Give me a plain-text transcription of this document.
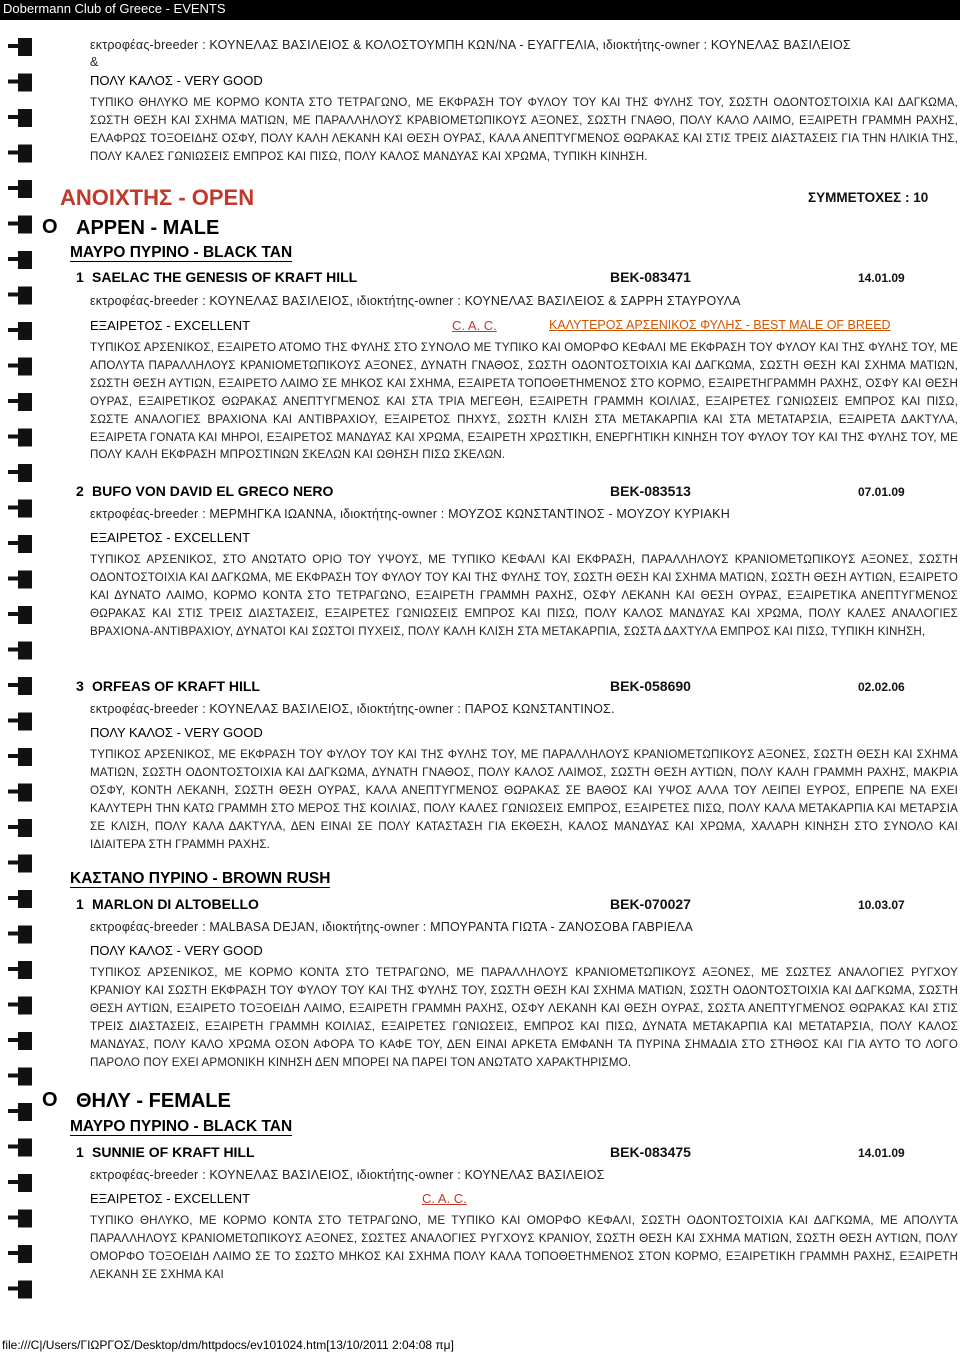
Dobermann Club of Greece - EVENTS
εκτροφέας-breeder : ΚΟΥΝΕΛΑΣ ΒΑΣΙΛΕΙΟΣ & ΚΟΛΟΣΤΟΥΜΠΗ ΚΩΝ/ΝΑ - ΕΥΑΓΓΕΛΙΑ, ιδιοκτήτης-owner : ΚΟΥΝΕΛΑΣ ΒΑΣΙΛΕΙΟΣ
&
ΠΟΛΥ ΚΑΛΟΣ - VERY GOOD
ΤΥΠΙΚΟ ΘΗΛΥΚΟ ΜΕ ΚΟΡΜΟ ΚΟΝΤΑ ΣΤΟ ΤΕΤΡΑΓΩΝΟ, ΜΕ ΕΚΦΡΑΣΗ ΤΟΥ ΦΥΛΟΥ ΤΟΥ ΚΑΙ ΤΗΣ ΦΥΛΗΣ ΤΟΥ, ΣΩΣΤΗ ΟΔΟΝΤΟΣΤΟΙΧΙΑ ΚΑΙ ΔΑΓΚΩΜΑ, ΣΩΣΤΗ ΘΕΣΗ ΚΑΙ ΣΧΗΜΑ ΜΑΤΙΩΝ, ΜΕ ΠΑΡΑΛΛΗΛΟΥΣ ΚΡΑΒΙΟΜΕΤΩΠΙΚΟΥΣ ΑΞΟΝΕΣ, ΣΩΣΤΗ ΓΝΑΘΟ, ΠΟΛΥ ΚΑΛΟ ΛΑΙΜΟ, ΕΞΑΙΡΕΤΗ ΓΡΑΜΜΗ ΡΑΧΗΣ, ΕΛΑΦΡΩΣ ΤΟΞΟΕΙΔΗΣ ΟΣΦΥ, ΠΟΛΥ ΚΑΛΗ ΛΕΚΑΝΗ ΚΑΙ ΘΕΣΗ ΟΥΡΑΣ, ΚΑΛΑ ΑΝΕΠΤΥΓΜΕΝΟΣ ΘΩΡΑΚΑΣ ΚΑΙ ΣΤΙΣ ΤΡΕΙΣ ΔΙΑΣΤΑΣΕΙΣ ΓΙΑ ΤΗΝ ΗΛΙΚΙΑ ΤΗΣ, ΠΟΛΥ ΚΑΛΕΣ ΓΩΝΙΩΣΕΙΣ ΕΜΠΡΟΣ ΚΑΙ ΠΙΣΩ, ΠΟΛΥ ΚΑΛΟΣ ΜΑΝΔΥΑΣ ΚΑΙ ΧΡΩΜΑ, ΤΥΠΙΚΗ ΚΙΝΗΣΗ.
ΑΝΟΙΧΤΗΣ - OPEN	ΣΥΜΜΕΤΟΧΕΣ : 10
O ΑΡΡΕΝ - MALE
ΜΑΥΡΟ ΠΥΡΙΝΟ - BLACK TAN
1 SAELAC THE GENESIS OF KRAFT HILL	BEK-083471	14.01.09
εκτροφέας-breeder : ΚΟΥΝΕΛΑΣ ΒΑΣΙΛΕΙΟΣ, ιδιοκτήτης-owner : ΚΟΥΝΕΛΑΣ ΒΑΣΙΛΕΙΟΣ & ΣΑΡΡΗ ΣΤΑΥΡΟΥΛΑ
ΕΞΑΙΡΕΤΟΣ - EXCELLENT	C. A. C.	ΚΑΛΥΤΕΡΟΣ ΑΡΣΕΝΙΚΟΣ ΦΥΛΗΣ - BEST MALE OF BREED
ΤΥΠΙΚΟΣ ΑΡΣΕΝΙΚΟΣ, ΕΞΑΙΡΕΤΟ ΑΤΟΜΟ ΤΗΣ ΦΥΛΗΣ ΣΤΟ ΣΥΝΟΛΟ ΜΕ ΤΥΠΙΚΟ ΚΑΙ ΟΜΟΡΦΟ ΚΕΦΑΛΙ ΜΕ ΕΚΦΡΑΣΗ ΤΟΥ ΦΥΛΟΥ ΚΑΙ ΤΗΣ ΦΥΛΗΣ ΤΟΥ, ΜΕ ΑΠΟΛΥΤΑ ΠΑΡΑΛΛΗΛΟΥΣ ΚΡΑΝΙΟΜΕΤΩΠΙΚΟΥΣ ΑΞΟΝΕΣ, ΔΥΝΑΤΗ ΓΝΑΘΟΣ, ΣΩΣΤΗ ΟΔΟΝΤΟΣΤΟΙΧΙΑ ΚΑΙ ΔΑΓΚΩΜΑ, ΣΩΣΤΗ ΘΕΣΗ ΚΑΙ ΣΧΗΜΑ ΜΑΤΙΩΝ, ΣΩΣΤΗ ΘΕΣΗ ΑΥΤΙΩΝ, ΕΞΑΙΡΕΤΟ ΛΑΙΜΟ ΣΕ ΜΗΚΟΣ ΚΑΙ ΣΧΗΜΑ, ΕΞΑΙΡΕΤΑ ΤΟΠΟΘΕΤΗΜΕΝΟΣ ΣΤΟ ΚΟΡΜΟ, ΕΞΑΙΡΕΤΗΓΡΑΜΜΗ ΡΑΧΗΣ, ΟΣΦΥ ΚΑΙ ΘΕΣΗ ΟΥΡΑΣ, ΕΞΑΙΡΕΤΙΚΟΣ ΘΩΡΑΚΑΣ ΑΝΕΠΤΥΓΜΕΝΟΣ ΚΑΙ ΣΤΑ ΤΡΙΑ ΜΕΓΕΘΗ, ΕΞΑΙΡΕΤΗ ΓΡΑΜΜΗ ΚΟΙΛΙΑΣ, ΕΞΑΙΡΕΤΕΣ ΓΩΝΙΩΣΕΙΣ ΕΜΠΡΟΣ ΚΑΙ ΠΙΣΩ, ΣΩΣΤΕ ΑΝΑΛΟΓΙΕΣ ΒΡΑΧΙΟΝΑ ΚΑΙ ΑΝΤΙΒΡΑΧΙΟΥ, ΕΞΑΙΡΕΤΟΣ ΠΗΧΥΣ, ΣΩΣΤΗ ΚΛΙΣΗ ΣΤΑ ΜΕΤΑΚΑΡΠΙΑ ΚΑΙ ΣΤΑ ΜΕΤΑΤΑΡΣΙΑ, ΕΞΑΙΡΕΤΑ ΔΑΚΤΥΛΑ, ΕΞΑΙΡΕΤΑ ΓΟΝΑΤΑ ΚΑΙ ΜΗΡΟΙ, ΕΞΑΙΡΕΤΟΣ ΜΑΝΔΥΑΣ ΚΑΙ ΧΡΩΜΑ, ΕΞΑΙΡΕΤΗ ΧΡΩΣΤΙΚΗ, ΕΝΕΡΓΗΤΙΚΗ ΚΙΝΗΣΗ ΤΟΥ ΦΥΛΟΥ ΤΟΥ ΚΑΙ ΤΗΣ ΦΥΛΗΣ ΤΟΥ, ΜΕ ΠΟΛΥ ΚΑΛΗ ΕΚΦΡΑΣΗ ΜΠΡΟΣΤΙΝΩΝ ΣΚΕΛΩΝ ΚΑΙ ΩΘΗΣΗ ΠΙΣΩ ΣΚΕΛΩΝ.
2 BUFO VON DAVID EL GRECO NERO	BEK-083513	07.01.09
εκτροφέας-breeder : ΜΕΡΜΗΓΚΑ ΙΩΑΝΝΑ, ιδιοκτήτης-owner : ΜΟΥΖΟΣ ΚΩΝΣΤΑΝΤΙΝΟΣ - ΜΟΥΖΟΥ ΚΥΡΙΑΚΗ
ΕΞΑΙΡΕΤΟΣ - EXCELLENT
ΤΥΠΙΚΟΣ ΑΡΣΕΝΙΚΟΣ, ΣΤΟ ΑΝΩΤΑΤΟ ΟΡΙΟ ΤΟΥ ΥΨΟΥΣ, ΜΕ ΤΥΠΙΚΟ ΚΕΦΑΛΙ ΚΑΙ ΕΚΦΡΑΣΗ, ΠΑΡΑΛΛΗΛΟΥΣ ΚΡΑΝΙΟΜΕΤΩΠΙΚΟΥΣ ΑΞΟΝΕΣ, ΣΩΣΤΗ ΟΔΟΝΤΟΣΤΟΙΧΙΑ ΚΑΙ ΔΑΓΚΩΜΑ, ΜΕ ΕΚΦΡΑΣΗ ΤΟΥ ΦΥΛΟΥ ΤΟΥ ΚΑΙ ΤΗΣ ΦΥΛΗΣ ΤΟΥ, ΣΩΣΤΗ ΘΕΣΗ ΚΑΙ ΣΧΗΜΑ ΜΑΤΙΩΝ, ΣΩΣΤΗ ΘΕΣΗ ΑΥΤΙΩΝ, ΕΞΑΙΡΕΤΟ ΚΑΙ ΔΥΝΑΤΟ ΛΑΙΜΟ, ΚΟΡΜΟ ΚΟΝΤΑ ΣΤΟ ΤΕΤΡΑΓΩΝΟ, ΕΞΑΙΡΕΤΗ ΓΡΑΜΜΗ ΡΑΧΗΣ, ΟΣΦΥ ΛΕΚΑΝΗ ΚΑΙ ΘΕΣΗ ΟΥΡΑΣ, ΕΞΑΙΡΕΤΙΚΑ ΑΝΕΠΤΥΓΜΕΝΟΣ ΘΩΡΑΚΑΣ ΚΑΙ ΣΤΙΣ ΤΡΕΙΣ ΔΙΑΣΤΑΣΕΙΣ, ΕΞΑΙΡΕΤΕΣ ΓΩΝΙΩΣΕΙΣ ΕΜΠΡΟΣ ΚΑΙ ΠΙΣΩ, ΠΟΛΥ ΚΑΛΟΣ ΜΑΝΔΥΑΣ ΚΑΙ ΧΡΩΜΑ, ΠΟΛΥ ΚΑΛΕΣ ΑΝΑΛΟΓΙΕΣ ΒΡΑΧΙΟΝΑ-ΑΝΤΙΒΡΑΧΙΟΥ, ΔΥΝΑΤΟΙ ΚΑΙ ΣΩΣΤΟΙ ΠΥΧΕΙΣ, ΠΟΛΥ ΚΑΛΗ ΚΛΙΣΗ ΣΤΑ ΜΕΤΑΚΑΡΠΙΑ, ΣΩΣΤΑ ΔΑΧΤΥΛΑ ΕΜΠΡΟΣ ΚΑΙ ΠΙΣΩ, ΤΥΠΙΚΗ ΚΙΝΗΣΗ,
3 ORFEAS OF KRAFT HILL	BEK-058690	02.02.06
εκτροφέας-breeder : ΚΟΥΝΕΛΑΣ ΒΑΣΙΛΕΙΟΣ, ιδιοκτήτης-owner : ΠΑΡΟΣ ΚΩΝΣΤΑΝΤΙΝΟΣ.
ΠΟΛΥ ΚΑΛΟΣ - VERY GOOD
ΤΥΠΙΚΟΣ ΑΡΣΕΝΙΚΟΣ, ΜΕ ΕΚΦΡΑΣΗ ΤΟΥ ΦΥΛΟΥ ΤΟΥ ΚΑΙ ΤΗΣ ΦΥΛΗΣ ΤΟΥ, ΜΕ ΠΑΡΑΛΛΗΛΟΥΣ ΚΡΑΝΙΟΜΕΤΩΠΙΚΟΥΣ ΑΞΟΝΕΣ, ΣΩΣΤΗ ΘΕΣΗ ΚΑΙ ΣΧΗΜΑ ΜΑΤΙΩΝ, ΣΩΣΤΗ ΟΔΟΝΤΟΣΤΟΙΧΙΑ ΚΑΙ ΔΑΓΚΩΜΑ, ΔΥΝΑΤΗ ΓΝΑΘΟΣ, ΠΟΛΥ ΚΑΛΟΣ ΛΑΙΜΟΣ, ΣΩΣΤΗ ΘΕΣΗ ΑΥΤΙΩΝ, ΠΟΛΥ ΚΑΛΗ ΓΡΑΜΜΗ ΡΑΧΗΣ, ΜΑΚΡΙΑ ΟΣΦΥ, ΚΟΝΤΗ ΛΕΚΑΝΗ, ΣΩΣΤΗ ΘΕΣΗ ΟΥΡΑΣ, ΚΑΛΑ ΑΝΕΠΤΥΓΜΕΝΟΣ ΘΩΡΑΚΑΣ ΣΕ ΒΑΘΟΣ ΚΑΙ ΥΨΟΣ ΑΛΛΑ ΤΟΥ ΛΕΙΠΕΙ ΕΥΡΟΣ, ΕΠΡΕΠΕ ΝΑ ΕΧΕΙ ΚΑΛΥΤΕΡΗ ΤΗΝ ΚΑΤΩ ΓΡΑΜΜΗ ΣΤΟ ΜΕΡΟΣ ΤΗΣ ΚΟΙΛΙΑΣ, ΠΟΛΥ ΚΑΛΕΣ ΓΩΝΙΩΣΕΙΣ ΕΜΠΡΟΣ, ΕΞΑΙΡΕΤΕΣ ΠΙΣΩ, ΠΟΛΥ ΚΑΛΑ ΜΕΤΑΚΑΡΠΙΑ ΚΑΙ ΜΕΤΑΡΣΙΑ ΣΕ ΚΛΙΣΗ, ΠΟΛΥ ΚΑΛΑ ΔΑΚΤΥΛΑ, ΔΕΝ ΕΙΝΑΙ ΣΕ ΠΟΛΥ ΚΑΤΑΣΤΑΣΗ ΓΙΑ ΕΚΘΕΣΗ, ΚΑΛΟΣ ΜΑΝΔΥΑΣ ΚΑΙ ΧΡΩΜΑ, ΧΑΛΑΡΗ ΚΙΝΗΣΗ ΣΤΟ ΣΥΝΟΛΟ ΚΑΙ ΙΔΙΑΙΤΕΡΑ ΣΤΗ ΓΡΑΜΜΗ ΡΑΧΗΣ.
ΚΑΣΤΑΝΟ ΠΥΡΙΝΟ - BROWN RUSH
1 MARLON DI ALTOBELLO	BEK-070027	10.03.07
εκτροφέας-breeder : MALBASA DEJAN, ιδιοκτήτης-owner : ΜΠΟΥΡΑΝΤΑ ΓΙΩΤΑ - ΖΑΝΟΣΟΒΑ ΓΑΒΡΙΕΛΑ
ΠΟΛΥ ΚΑΛΟΣ - VERY GOOD
ΤΥΠΙΚΟΣ ΑΡΣΕΝΙΚΟΣ, ΜΕ ΚΟΡΜΟ ΚΟΝΤΑ ΣΤΟ ΤΕΤΡΑΓΩΝΟ, ΜΕ ΠΑΡΑΛΛΗΛΟΥΣ ΚΡΑΝΙΟΜΕΤΩΠΙΚΟΥΣ ΑΞΟΝΕΣ, ΜΕ ΣΩΣΤΕΣ ΑΝΑΛΟΓΙΕΣ ΡΥΓΧΟΥ ΚΡΑΝΙΟΥ ΚΑΙ ΣΩΣΤΗ ΕΚΦΡΑΣΗ ΤΟΥ ΦΥΛΟΥ ΤΟΥ ΚΑΙ ΤΗΣ ΦΥΛΗΣ ΤΟΥ, ΣΩΣΤΗ ΘΕΣΗ ΚΑΙ ΣΧΗΜΑ ΜΑΤΙΩΝ, ΣΩΣΤΗ ΟΔΟΝΤΟΣΤΟΙΧΙΑ ΚΑΙ ΔΑΓΚΩΜΑ, ΣΩΣΤΗ ΘΕΣΗ ΑΥΤΙΩΝ, ΕΞΑΙΡΕΤΟ ΤΟΞΟΕΙΔΗ ΛΑΙΜΟ, ΕΞΑΙΡΕΤΗ ΓΡΑΜΜΗ ΡΑΧΗΣ, ΟΣΦΥ ΛΕΚΑΝΗ ΚΑΙ ΘΕΣΗ ΟΥΡΑΣ, ΣΩΣΤΑ ΑΝΕΠΤΥΓΜΕΝΟΣ ΘΩΡΑΚΑΣ ΚΑΙ ΣΤΙΣ ΤΡΕΙΣ ΔΙΑΣΤΑΣΕΙΣ, ΕΞΑΙΡΕΤΗ ΓΡΑΜΜΗ ΚΟΙΛΙΑΣ, ΕΞΑΙΡΕΤΕΣ ΓΩΝΙΩΣΕΙΣ, ΕΜΠΡΟΣ ΚΑΙ ΠΙΣΩ, ΔΥΝΑΤΑ ΜΕΤΑΚΑΡΠΙΑ ΚΑΙ ΜΕΤΑΤΑΡΣΙΑ, ΠΟΛΥ ΚΑΛΟΣ ΜΑΝΔΥΑΣ, ΠΟΛΥ ΚΑΛΟ ΧΡΩΜΑ ΟΣΟΝ ΑΦΟΡΑ ΤΟ ΚΑΦΕ ΤΟΥ, ΔΕΝ ΕΙΝΑΙ ΑΡΚΕΤΑ ΕΜΦΑΝΗ ΤΑ ΠΥΡΙΝΑ ΣΗΜΑΔΙΑ ΣΤΟ ΣΤΗΘΟΣ ΚΑΙ ΓΙΑ ΑΥΤΟ ΤΟ ΛΟΓΟ ΠΑΡΟΛΟ ΠΟΥ ΕΧΕΙ ΑΡΜΟΝΙΚΗ ΚΙΝΗΣΗ ΔΕΝ ΜΠΟΡΕΙ ΝΑ ΠΑΡΕΙ ΤΟΝ ΑΝΩΤΑΤΟ ΧΑΡΑΚΤΗΡΙΣΜΟ.
O ΘΗΛΥ - FEMALE
ΜΑΥΡΟ ΠΥΡΙΝΟ - BLACK TAN
1 SUNNIE OF KRAFT HILL	BEK-083475	14.01.09
εκτροφέας-breeder : ΚΟΥΝΕΛΑΣ ΒΑΣΙΛΕΙΟΣ, ιδιοκτήτης-owner : ΚΟΥΝΕΛΑΣ ΒΑΣΙΛΕΙΟΣ
ΕΞΑΙΡΕΤΟΣ - EXCELLENT	C. A. C.
ΤΥΠΙΚΟ ΘΗΛΥΚΟ, ΜΕ ΚΟΡΜΟ ΚΟΝΤΑ ΣΤΟ ΤΕΤΡΑΓΩΝΟ, ΜΕ ΤΥΠΙΚΟ ΚΑΙ ΟΜΟΡΦΟ ΚΕΦΑΛΙ, ΣΩΣΤΗ ΟΔΟΝΤΟΣΤΟΙΧΙΑ ΚΑΙ ΔΑΓΚΩΜΑ, ΜΕ ΑΠΟΛΥΤΑ ΠΑΡΑΛΛΗΛΟΥΣ ΚΡΑΝΙΟΜΕΤΩΠΙΚΟΥΣ ΑΞΟΝΕΣ, ΣΩΣΤΕΣ ΑΝΑΛΟΓΙΕΣ ΡΥΓΧΟΥΣ ΚΡΑΝΙΟΥ, ΣΩΣΤΗ ΘΕΣΗ ΚΑΙ ΣΧΗΜΑ ΜΑΤΙΩΝ, ΣΩΣΤΗ ΘΕΣΗ ΑΥΤΙΩΝ, ΠΟΛΥ ΟΜΟΡΦΟ ΤΟΞΟΕΙΔΗ ΛΑΙΜΟ ΣΕ ΤΟ ΣΩΣΤΟ ΜΗΚΟΣ ΚΑΙ ΣΧΗΜΑ ΠΟΛΥ ΚΑΛΑ ΤΟΠΟΘΕΤΗΜΕΝΟΣ ΣΤΟΝ ΚΟΡΜΟ, ΕΞΑΙΡΕΤΙΚΗ ΓΡΑΜΜΗ ΡΑΧΗΣ, ΕΞΑΙΡΕΤΗ ΛΕΚΑΝΗ ΣΕ ΣΧΗΜΑ ΚΑΙ
file:///C|/Users/ΓΙΩΡΓΟΣ/Desktop/dm/httpdocs/ev101024.htm[13/10/2011 2:04:08 πμ]
